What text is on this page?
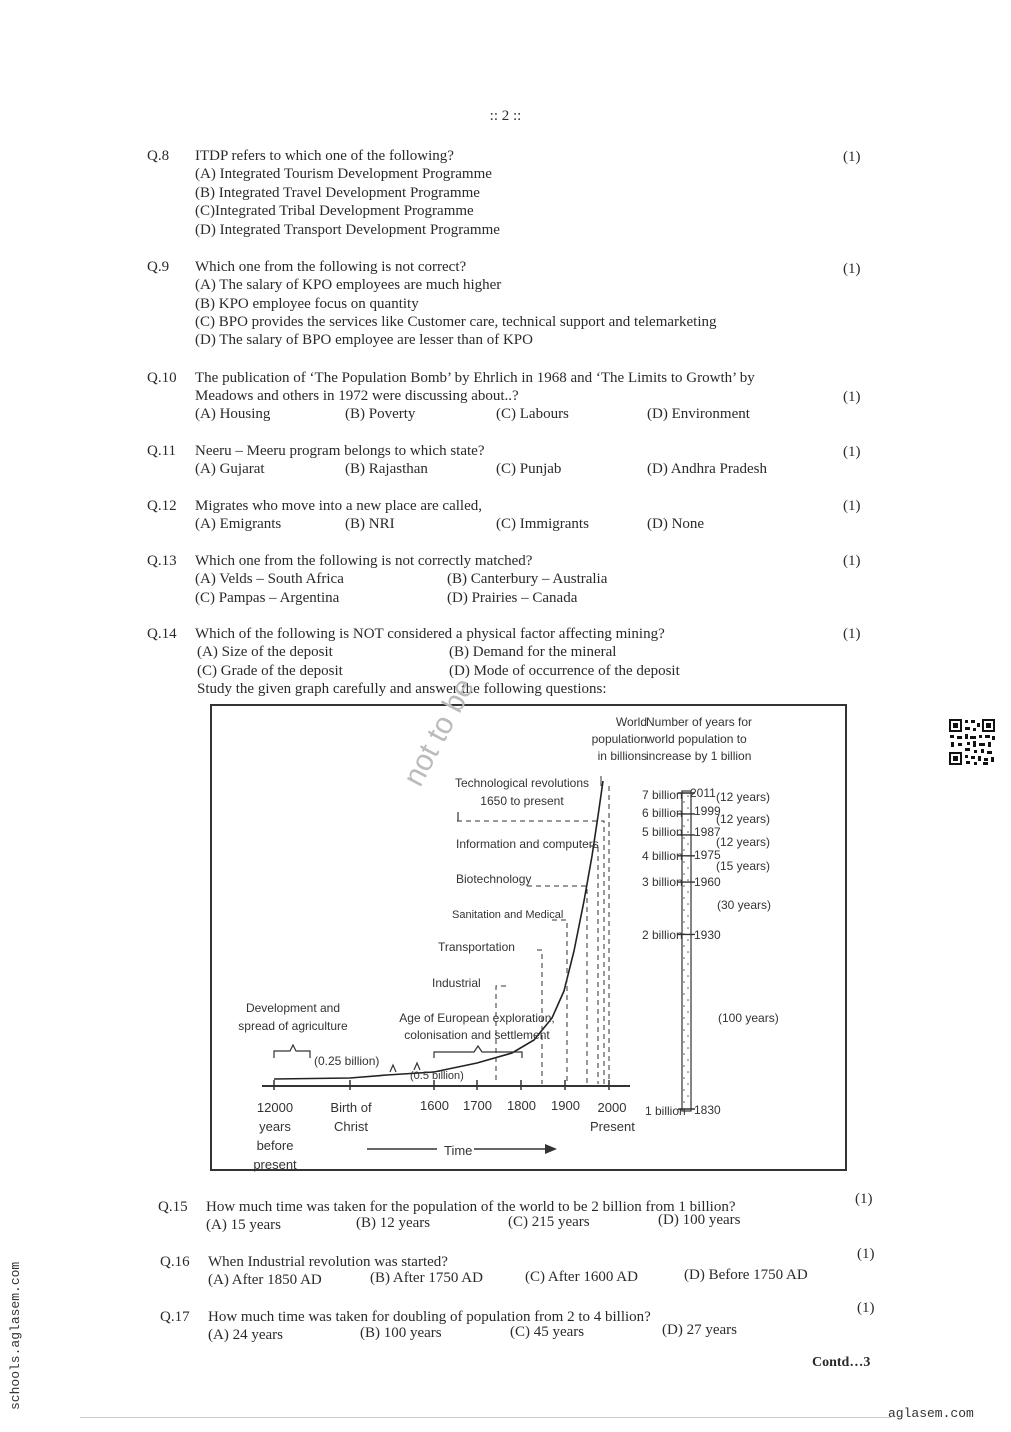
:: 2 ::
Q.8 ITDP refers to which one of the following?
(A) Integrated Tourism Development Programme
(B) Integrated Travel Development Programme
(C)Integrated Tribal Development Programme
(D) Integrated Transport Development Programme
(1)
Q.9 Which one from the following is not correct?
(A) The salary of KPO employees are much higher
(B) KPO employee focus on quantity
(C) BPO provides the services like Customer care, technical support and telemarketing
(D) The salary of BPO employee are lesser than of KPO
(1)
Q.10 The publication of ‘The Population Bomb’ by Ehrlich in 1968 and ‘The Limits to Growth’ by
Meadows and others in 1972 were discussing about..?
(A) Housing	(B) Poverty	(C) Labours	(D) Environment
(1)
Q.11 Neeru – Meeru program belongs to which state?
(A) Gujarat	(B) Rajasthan	(C) Punjab	(D) Andhra Pradesh
(1)
Q.12 Migrates who move into a new place are called,
(A) Emigrants	(B) NRI	(C) Immigrants	(D) None
(1)
Q.13 Which one from the following is not correctly matched?
(A) Velds – South Africa	(B) Canterbury – Australia
(C) Pampas – Argentina	(D) Prairies – Canada
(1)
Q.14 Which of the following is NOT considered a physical factor affecting mining?
(A) Size of the deposit	(B) Demand for the mineral
(C) Grade of the deposit	(D) Mode of occurrence of the deposit
Study the given graph carefully and answer the following questions:
(1)
not to be	World population in billions
Number of years for world population to increase by 1 billion
Technological revolutions 1650 to present
Information and computers
Biotechnology
Sanitation and Medical
Transportation
Industrial
Age of European exploration, colonisation and settlement
Development and spread of agriculture
(0.25 billion)
(0.5 billion)
12000 years before present
Birth of Christ
1600 1700 1800 1900	2000 Present
Time
7 billion 2011
6 billion 1999
5 billion 1987
4 billion 1975
3 billion 1960
2 billion 1930
1 billion 1830
(12 years)
(12 years)
(12 years)
(15 years)
(30 years)
(100 years)
Q.15 How much time was taken for the population of the world to be 2 billion from 1 billion?
(A) 15 years	(B) 12 years	(C) 215 years	(D) 100 years
(1)
Q.16 When Industrial revolution was started?
(A) After 1850 AD	(B) After 1750 AD	(C) After 1600 AD	(D) Before 1750 AD
(1)
Q.17 How much time was taken for doubling of population from 2 to 4 billion?
(A) 24 years	(B) 100 years	(C) 45 years	(D) 27 years
(1)
Contd…3
schools.aglasem.com
aglasem.com
